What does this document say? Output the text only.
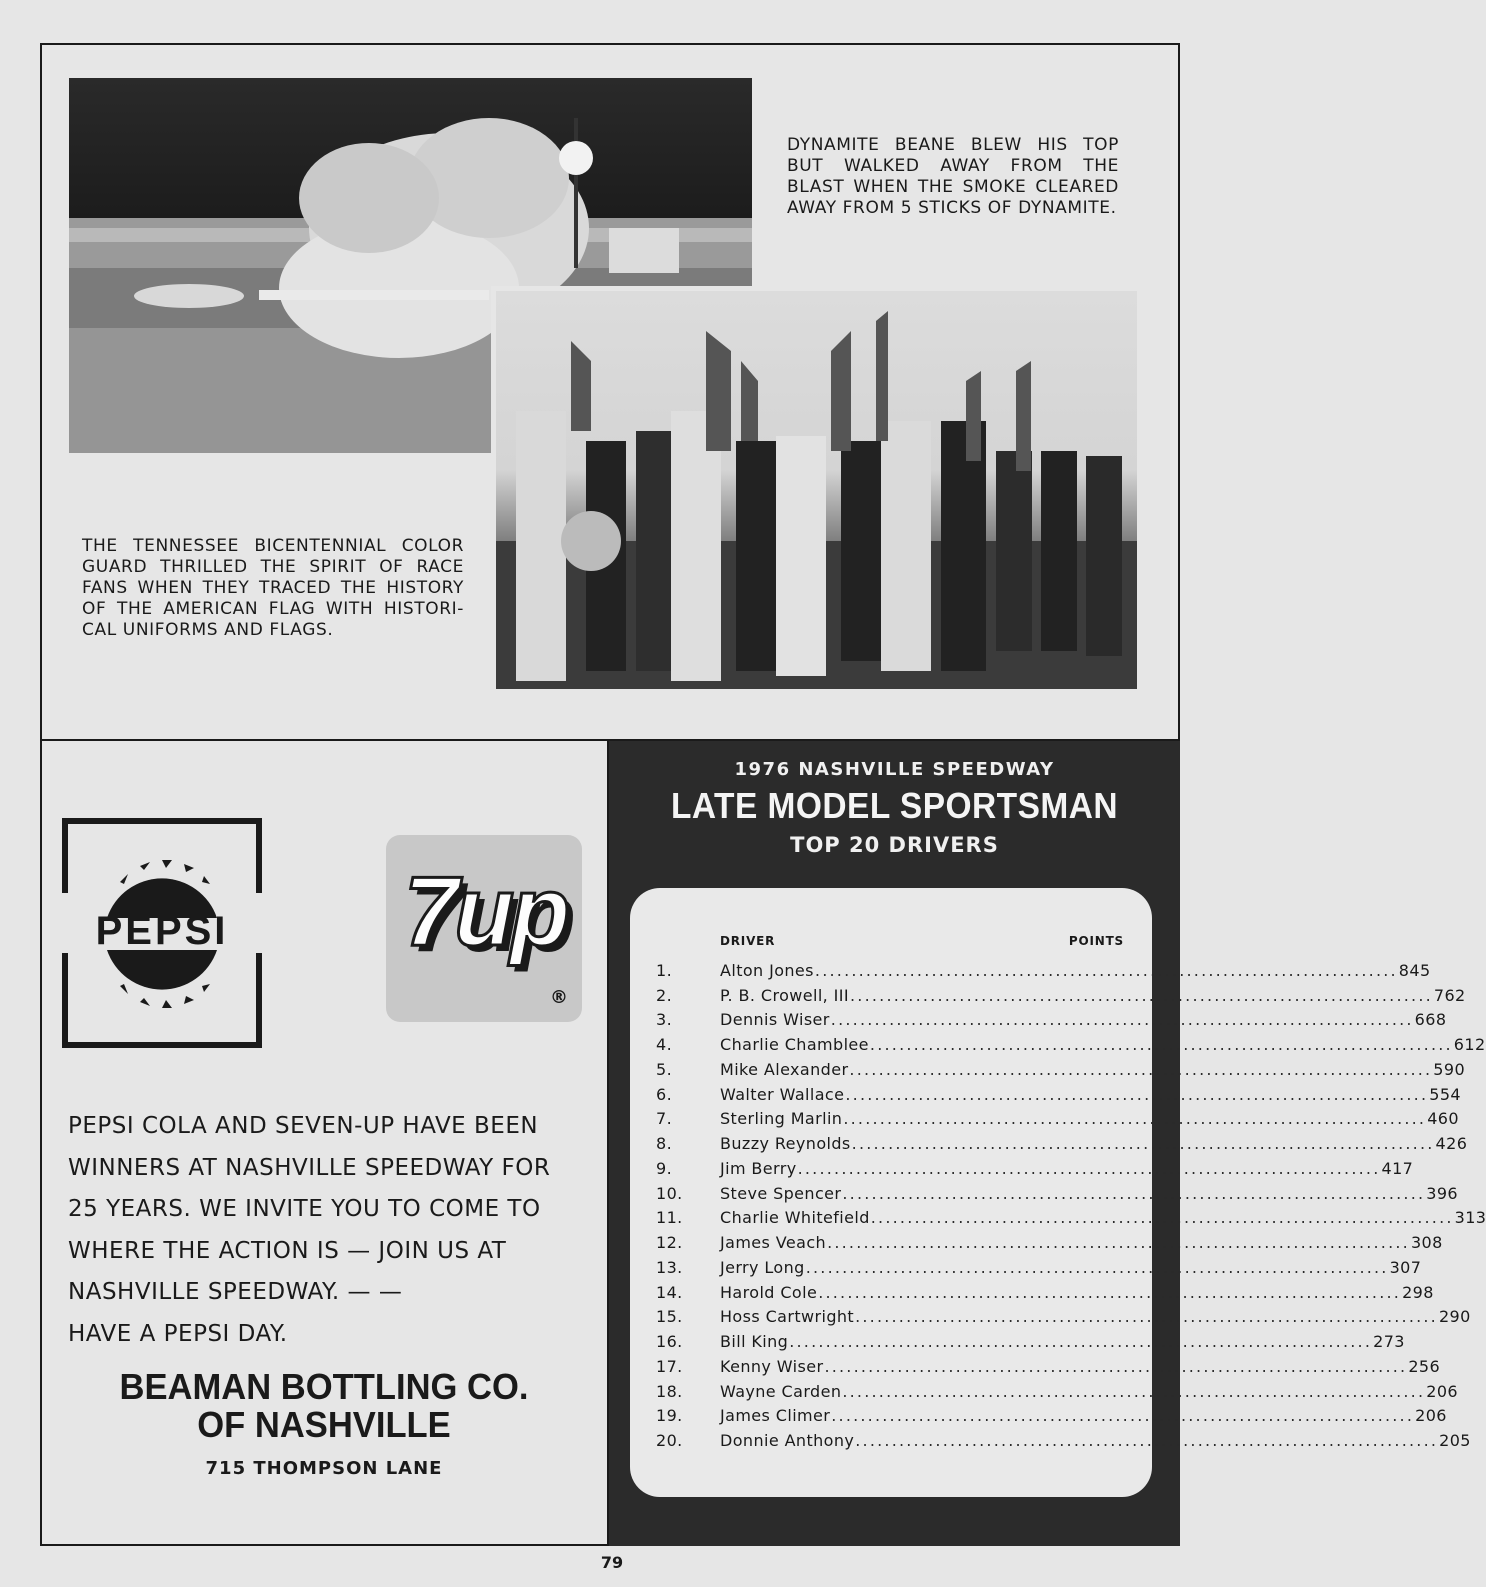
DYNAMITE BEANE BLEW HIS TOP BUT WALKED AWAY FROM THE BLAST WHEN THE SMOKE CLEARED AWAY FROM 5 STICKS OF DYNAMITE.
THE TENNESSEE BICENTENNIAL COLOR GUARD THRILLED THE SPIRIT OF RACE FANS WHEN THEY TRACED THE HISTORY OF THE AMERICAN FLAG WITH HISTORI-CAL UNIFORMS AND FLAGS.
PEPSI	7up
®
PEPSI COLA AND SEVEN-UP HAVE BEEN
WINNERS AT NASHVILLE SPEEDWAY FOR
25 YEARS. WE INVITE YOU TO COME TO
WHERE THE ACTION IS — JOIN US AT
NASHVILLE SPEEDWAY. — —
HAVE A PEPSI DAY.
BEAMAN BOTTLING CO.
OF NASHVILLE
715 THOMPSON LANE
1976 NASHVILLE SPEEDWAY
LATE MODEL SPORTSMAN
TOP 20 DRIVERS
DRIVER	POINTS
1.	Alton Jones ................................................................................ 845
2.	P. B. Crowell, III ................................................................................ 762
3.	Dennis Wiser ................................................................................ 668
4.	Charlie Chamblee ................................................................................ 612
5.	Mike Alexander ................................................................................ 590
6.	Walter Wallace ................................................................................ 554
7.	Sterling Marlin ................................................................................ 460
8.	Buzzy Reynolds ................................................................................ 426
9.	Jim Berry ................................................................................ 417
10.	Steve Spencer ................................................................................ 396
11.	Charlie Whitefield ................................................................................ 313
12.	James Veach ................................................................................ 308
13.	Jerry Long ................................................................................ 307
14.	Harold Cole ................................................................................ 298
15.	Hoss Cartwright ................................................................................ 290
16.	Bill King ................................................................................ 273
17.	Kenny Wiser ................................................................................ 256
18.	Wayne Carden ................................................................................ 206
19.	James Climer ................................................................................ 206
20.	Donnie Anthony ................................................................................ 205
79
